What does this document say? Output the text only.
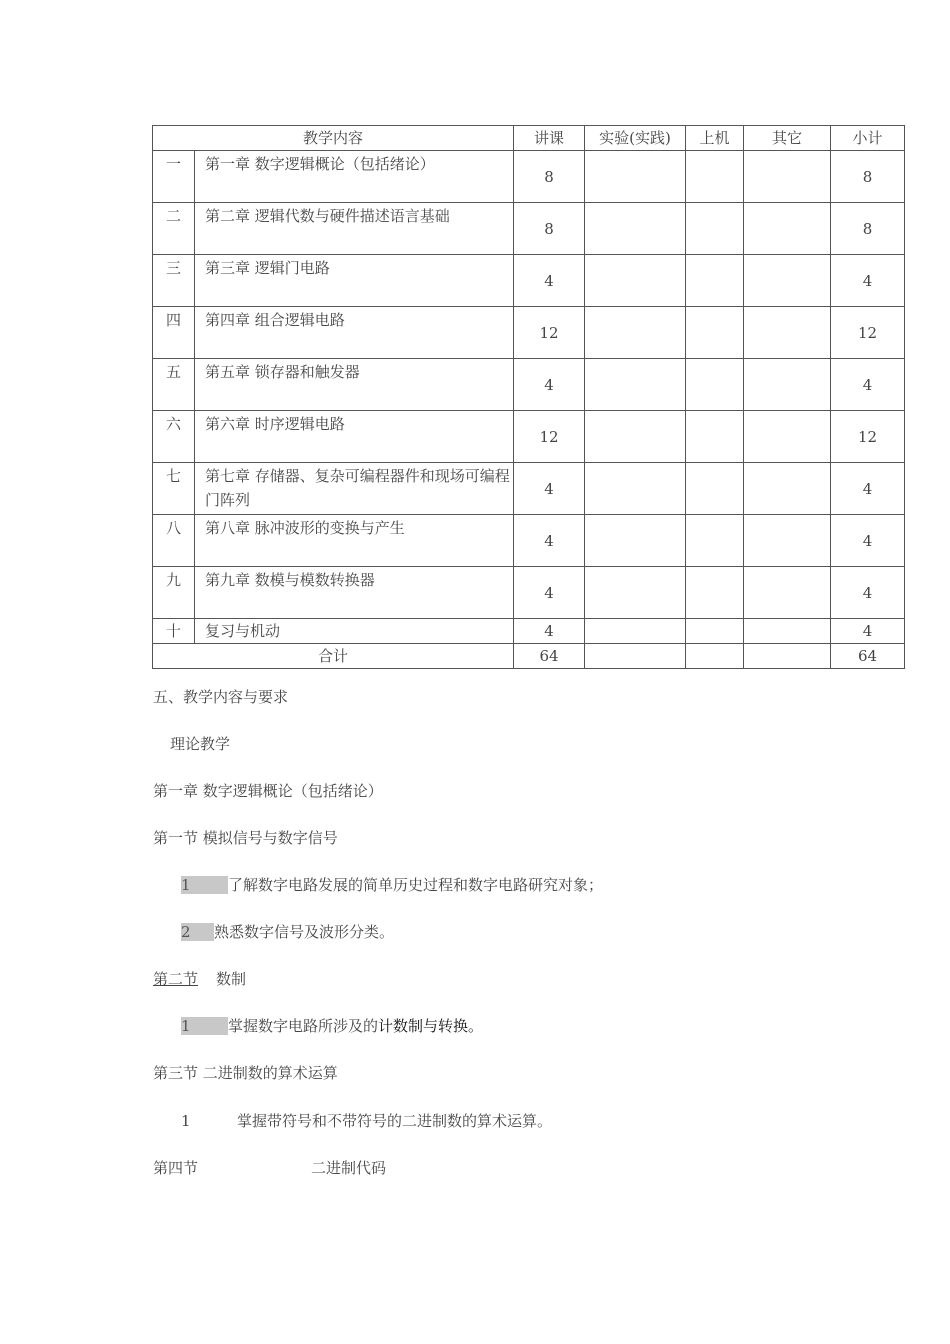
教学内容		讲课	实验(实践)	上机	其它	小计
一	第一章 数字逻辑概论（包括绪论）	8				8
二	第二章 逻辑代数与硬件描述语言基础	8				8
三	第三章 逻辑门电路	4				4
四	第四章 组合逻辑电路	12				12
五	第五章 锁存器和触发器	4				4
六	第六章 时序逻辑电路	12				12
七	第七章 存储器、复杂可编程器件和现场可编程门阵列	4				4
八	第八章 脉冲波形的变换与产生	4				4
九	第九章 数模与模数转换器	4				4
十	复习与机动	4				4
合计		64				64
五、教学内容与要求
理论教学
第一章 数字逻辑概论（包括绪论）
第一节 模拟信号与数字信号
1 了解数字电路发展的简单历史过程和数字电路研究对象；
2 熟悉数字信号及波形分类。
第二节 数制
1 掌握数字电路所涉及的计数制与转换。
第三节 二进制数的算术运算
1	掌握带符号和不带符号的二进制数的算术运算。
第四节	二进制代码
